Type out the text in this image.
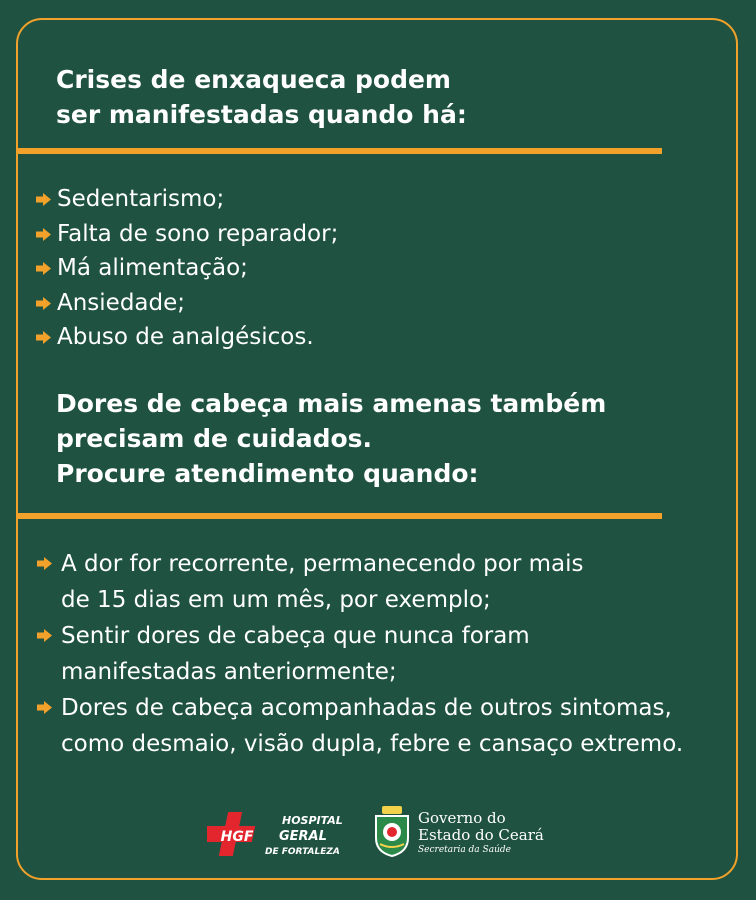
Crises de enxaqueca podem
ser manifestadas quando há:
Sedentarismo;
Falta de sono reparador;
Má alimentação;
Ansiedade;
Abuso de analgésicos.
Dores de cabeça mais amenas também
precisam de cuidados.
Procure atendimento quando:
A dor for recorrente, permanecendo por mais
de 15 dias em um mês, por exemplo;
Sentir dores de cabeça que nunca foram
manifestadas anteriormente;
Dores de cabeça acompanhadas de outros sintomas,
como desmaio, visão dupla, febre e cansaço extremo.
HGF
HOSPITAL
GERAL
DE FORTALEZA
Governo do
Estado do Ceará
Secretaria da Saúde
